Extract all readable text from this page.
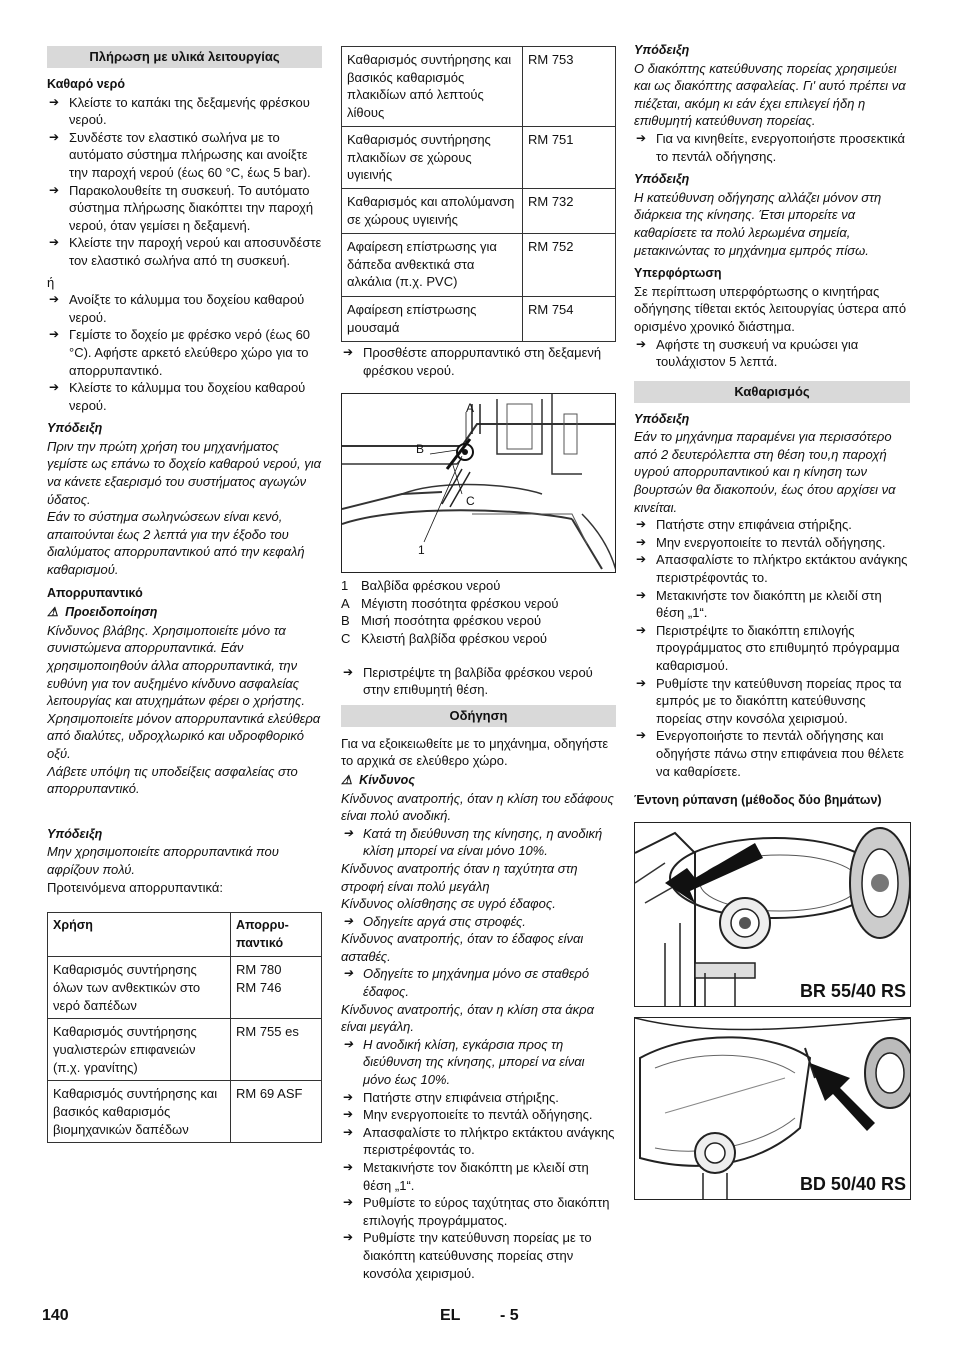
Πλήρωση με υλικά λειτουργίας
Καθαρό νερό
➔ Κλείστε το καπάκι της δεξαμενής φρέσκου νερού.
➔ Συνδέστε τον ελαστικό σωλήνα με το αυτόματο σύστημα πλήρωσης και ανοίξτε την παροχή νερού (έως 60 °C, έως 5 bar).
➔ Παρακολουθείτε τη συσκευή. Το αυτόματο σύστημα πλήρωσης διακόπτει την παροχή νερού, όταν γεμίσει η δεξαμενή.
➔ Κλείστε την παροχή νερού και αποσυνδέστε τον ελαστικό σωλήνα από τη συσκευή.
ή
➔ Ανοίξτε το κάλυμμα του δοχείου καθαρού νερού.
➔ Γεμίστε το δοχείο με φρέσκο νερό (έως 60 °C). Αφήστε αρκετό ελεύθερο χώρο για το απορρυπαντικό.
➔ Κλείστε το κάλυμμα του δοχείου καθαρού νερού.
Υπόδειξη

Πριν την πρώτη χρήση του μηχανήματος γεμίστε ως επάνω το δοχείο καθαρού νερού, για να κάνετε εξαερισμό του συστήματος αγωγών ύδατος.

Εάν το σύστημα σωληνώσεων είναι κενό, απαιτούνται έως 2 λεπτά για την έξοδο του διαλύματος απορρυπαντικού από την κεφαλή καθαρισμού.

Απορρυπαντικό
⚠ Προειδοποίηση

Κίνδυνος βλάβης. Χρησιμοποιείτε μόνο τα συνιστώμενα απορρυπαντικά. Εάν χρησιμοποιηθούν άλλα απορρυπαντικά, την ευθύνη για τον αυξημένο κίνδυνο ασφαλείας λειτουργίας και ατυχημάτων φέρει ο χρήστης.

Χρησιμοποιείτε μόνον απορρυπαντικά ελεύθερα από διαλύτες, υδροχλωρικό και υδροφθορικό οξύ.

Λάβετε υπόψη τις υποδείξεις ασφαλείας στο απορρυπαντικό.

Υπόδειξη

Μην χρησιμοποιείτε απορρυπαντικά που αφρίζουν πολύ.

Προτεινόμενα απορρυπαντικά:

Χρήση	Απορρυ-
παντικό
Καθαρισμός συντήρησης όλων των ανθεκτικών στο νερό δαπέδων	RM 780
RM 746
Καθαρισμός συντήρησης γυαλιστερών επιφανειών (π.χ. γρανίτης)	RM 755 es
Καθαρισμός συντήρησης και βασικός καθαρισμός βιομηχανικών δαπέδων	RM 69 ASF
Καθαρισμός συντήρησης και βασικός καθαρισμός πλακιδίων από λεπτούς λίθους	RM 753
Καθαρισμός συντήρησης πλακιδίων σε χώρους υγιεινής	RM 751
Καθαρισμός και απολύμανση σε χώρους υγιεινής	RM 732
Αφαίρεση επίστρωσης για δάπεδα ανθεκτικά στα αλκάλια (π.χ. PVC)	RM 752
Αφαίρεση επίστρωσης μουσαμά	RM 754
➔ Προσθέστε απορρυπαντικό στη δεξαμενή φρέσκου νερού.
A
B
C
1
1 Βαλβίδα φρέσκου νερού
A Μέγιστη ποσότητα φρέσκου νερού
B Μισή ποσότητα φρέσκου νερού
C Κλειστή βαλβίδα φρέσκου νερού
➔ Περιστρέψτε τη βαλβίδα φρέσκου νερού στην επιθυμητή θέση.
Οδήγηση

Για να εξοικειωθείτε με το μηχάνημα, οδηγήστε το αρχικά σε ελεύθερο χώρο.

⚠ Κίνδυνος

Κίνδυνος ανατροπής, όταν η κλίση του εδάφους είναι πολύ ανοδική.

➔ Κατά τη διεύθυνση της κίνησης, η ανοδική κλίση μπορεί να είναι μόνο 10%.

Κίνδυνος ανατροπής όταν η ταχύτητα στη στροφή είναι πολύ μεγάλη

Κίνδυνος ολίσθησης σε υγρό έδαφος.

➔ Οδηγείτε αργά στις στροφές.

Κίνδυνος ανατροπής, όταν το έδαφος είναι ασταθές.

➔ Οδηγείτε το μηχάνημα μόνο σε σταθερό έδαφος.

Κίνδυνος ανατροπής, όταν η κλίση στα άκρα είναι μεγάλη.

➔ Η ανοδική κλίση, εγκάρσια προς τη διεύθυνση της κίνησης, μπορεί να είναι μόνο έως 10%.
➔ Πατήστε στην επιφάνεια στήριξης.
➔ Μην ενεργοποιείτε το πεντάλ οδήγησης.
➔ Απασφαλίστε το πλήκτρο εκτάκτου ανάγκης περιστρέφοντάς το.
➔ Μετακινήστε τον διακόπτη με κλειδί στη θέση „1“.
➔ Ρυθμίστε το εύρος ταχύτητας στο διακόπτη επιλογής προγράμματος.
➔ Ρυθμίστε την κατεύθυνση πορείας με το διακόπτη κατεύθυνσης πορείας στην κονσόλα χειρισμού.
Υπόδειξη

Ο διακόπτης κατεύθυνσης πορείας χρησιμεύει και ως διακόπτης ασφαλείας. Γι' αυτό πρέπει να πιέζεται, ακόμη κι εάν έχει επιλεγεί ήδη η επιθυμητή κατεύθυνση πορείας.

➔ Για να κινηθείτε, ενεργοποιήστε προσεκτικά το πεντάλ οδήγησης.
Υπόδειξη

Η κατεύθυνση οδήγησης αλλάζει μόνον στη διάρκεια της κίνησης. Έτσι μπορείτε να καθαρίσετε τα πολύ λερωμένα σημεία, μετακινώντας το μηχάνημα εμπρός πίσω.

Υπερφόρτωση

Σε περίπτωση υπερφόρτωσης ο κινητήρας οδήγησης τίθεται εκτός λειτουργίας ύστερα από ορισμένο χρονικό διάστημα.

➔ Αφήστε τη συσκευή να κρυώσει για τουλάχιστον 5 λεπτά.
Καθαρισμός
Υπόδειξη

Εάν το μηχάνημα παραμένει για περισσότερο από 2 δευτερόλεπτα στη θέση του,η παροχή υγρού απορρυπαντικού και η κίνηση των βουρτσών θα διακοπούν, έως ότου αρχίσει να κινείται.

➔ Πατήστε στην επιφάνεια στήριξης.
➔ Μην ενεργοποιείτε το πεντάλ οδήγησης.
➔ Απασφαλίστε το πλήκτρο εκτάκτου ανάγκης περιστρέφοντάς το.
➔ Μετακινήστε τον διακόπτη με κλειδί στη θέση „1“.
➔ Περιστρέψτε το διακόπτη επιλογής προγράμματος στο επιθυμητό πρόγραμμα καθαρισμού.
➔ Ρυθμίστε την κατεύθυνση πορείας προς τα εμπρός με το διακόπτη κατεύθυνσης πορείας στην κονσόλα χειρισμού.
➔ Ενεργοποιήστε το πεντάλ οδήγησης και οδηγήστε πάνω στην επιφάνεια που θέλετε να καθαρίσετε.
Έντονη ρύπανση (μέθοδος δύο βημάτων)
BR 55/40 RS
BD 50/40 RS
140	EL - 5
